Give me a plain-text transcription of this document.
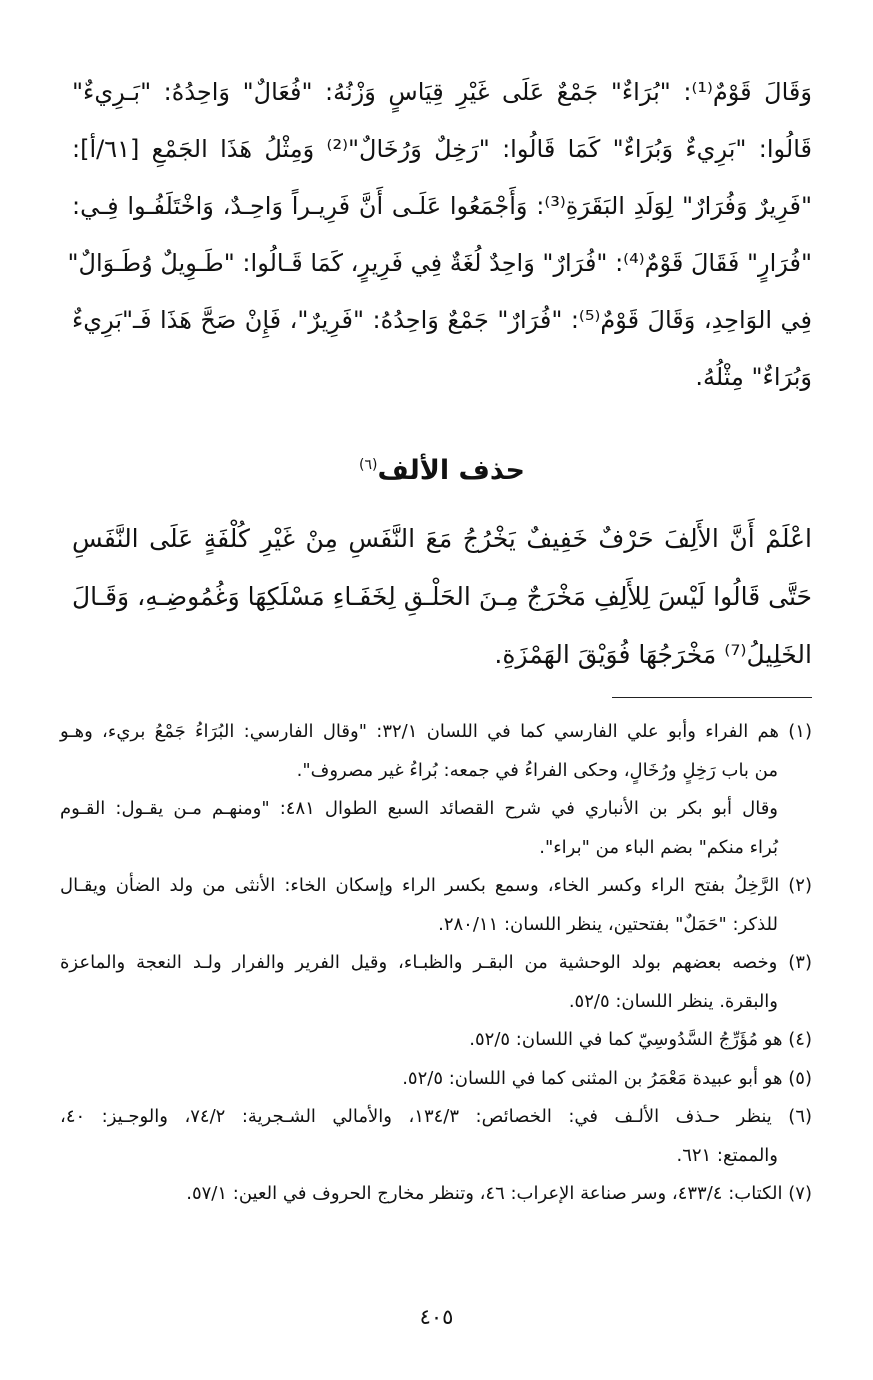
وَقَالَ قَوْمٌ⁽¹⁾: "بُرَاءٌ" جَمْعٌ عَلَى غَيْرِ قِيَاسٍ وَزْنُهُ: "فُعَالٌ" وَاحِدُهُ: "بَـرِيءٌ"
قَالُوا: "بَرِيءٌ وَبُرَاءٌ" كَمَا قَالُوا: "رَخِلٌ وَرُخَالٌ"⁽²⁾ وَمِثْلُ هَذَا الجَمْعِ [٦١/أ]:
"فَرِيرٌ وَفُرَارٌ" لِوَلَدِ البَقَرَةِ⁽³⁾: وَأَجْمَعُوا عَلَـى أَنَّ فَرِيـراً وَاحِـدٌ، وَاخْتَلَفُـوا فِـي:
"فُرَارٍ" فَقَالَ قَوْمٌ⁽⁴⁾: "فُرَارٌ" وَاحِدٌ لُغَةٌ فِي فَرِيرٍ، كَمَا قَـالُوا: "طَـوِيلٌ وُطَـوَالٌ"
فِي الوَاحِدِ، وَقَالَ قَوْمٌ⁽⁵⁾: "فُرَارٌ" جَمْعٌ وَاحِدُهُ: "فَرِيرٌ"، فَإِنْ صَحَّ هَذَا فَـ"بَرِيءٌ
وَبُرَاءٌ" مِثْلُهُ.
حذف الألف$^{(٦)}$
اعْلَمْ أَنَّ الأَلِفَ حَرْفٌ خَفِيفٌ يَخْرُجُ مَعَ النَّفَسِ مِنْ غَيْرِ كُلْفَةٍ عَلَى النَّفَسِ
حَتَّى قَالُوا لَيْسَ لِلأَلِفِ مَخْرَجٌ مِـنَ الحَلْـقِ لِخَفَـاءِ مَسْلَكِهَا وَغُمُوضِـهِ، وَقَـالَ
الخَلِيلُ⁽⁷⁾ مَخْرَجُهَا فُوَيْقَ الهَمْزَةِ.
(١) هم الفراء وأبو علي الفارسي كما في اللسان ٣٢/١: "وقال الفارسي: البُرَاءُ جَمْعُ بريء، وهـو
من باب رَخِلٍ ورُخَالٍ، وحكى الفراءُ في جمعه: بُراءُ غير مصروف".
وقال أبو بكر بن الأنباري في شرح القصائد السبع الطوال ٤٨١: "ومنهـم مـن يقـول: القـوم
بُراء منكم" بضم الباء من "براء".
(٢) الرَّخِلُ بفتح الراء وكسر الخاء، وسمع بكسر الراء وإسكان الخاء: الأنثى من ولد الضأن ويقـال
للذكر: "حَمَلٌ" بفتحتين، ينظر اللسان: ٢٨٠/١١.
(٣) وخصه بعضهم بولد الوحشية من البقـر والظبـاء، وقيل الفرير والفرار ولـد النعجة والماعزة
والبقرة. ينظر اللسان: ٥٢/٥.
(٤) هو مُؤَرِّجُ السَّدُوسِيّ كما في اللسان: ٥٢/٥.
(٥) هو أبو عبيدة مَعْمَرُ بن المثنى كما في اللسان: ٥٢/٥.
(٦) ينظر حـذف الألـف في: الخصائص: ١٣٤/٣، والأمالي الشـجرية: ٧٤/٢، والوجـيز: ٤٠،
والممتع: ٦٢١.
(٧) الكتاب: ٤٣٣/٤، وسر صناعة الإعراب: ٤٦، وتنظر مخارج الحروف في العين: ٥٧/١.
٤٠٥
